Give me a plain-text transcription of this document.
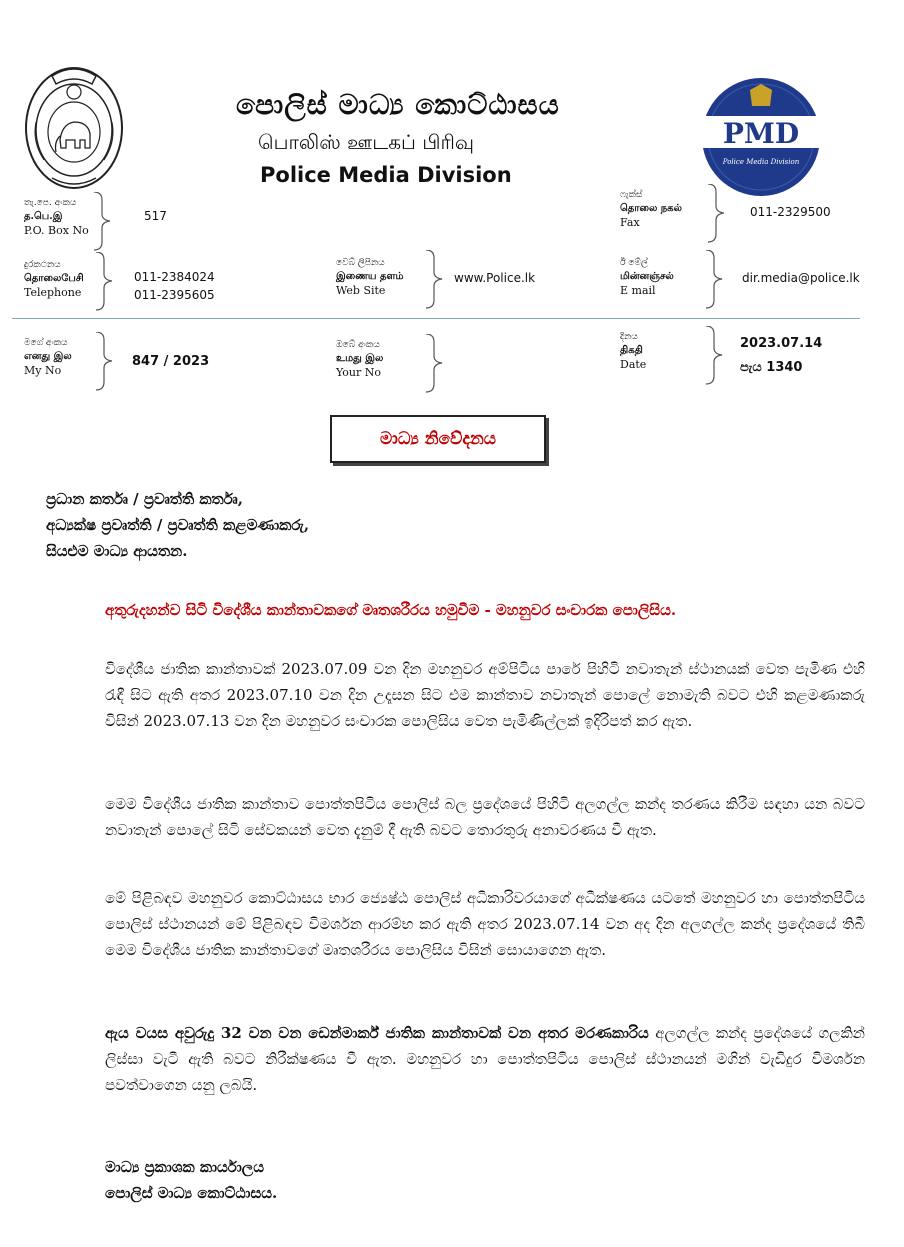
PMD
Police Media Division
පොලිස් මාධ්‍ය කොට්ඨාසය
பொலிஸ் ஊடகப் பிரிவு
Police Media Division
තැ.පෙ. අංකය
த.பெ.இ
P.O. Box No
517
ෆැක්ස්
தொலை நகல்
Fax
011-2329500
දුරකථනය
தொலைபேசி
Telephone
011-2384024
011-2395605
වෙබ් ලිපිනය
இணைய தளம்
Web Site
www.Police.lk
ඊ මේල්
மின்னஞ்சல்
E mail
dir.media@police.lk
මගේ අංකය
எனது இல
My No
847 / 2023
ඔබේ අංකය
உமது இல
Your No
දිනය
திகதி
Date
2023.07.14
පැය 1340
මාධ්‍ය නිවේදනය
ප්‍රධාන කර්තෘ / ප්‍රවෘත්ති කර්තෘ,
අධ්‍යක්ෂ ප්‍රවෘත්ති / ප්‍රවෘත්ති කළමණාකරු,
සියළුම මාධ්‍ය ආයතන.
අතුරුදහන්ව සිටි විදේශීය කාන්තාවකගේ මෘතශරීරය හමුවීම - මහනුවර සංචාරක පොලිසිය.
විදේශීය ජාතික කාන්තාවක් 2023.07.09 වන දින මහනුවර අම්පිටිය පාරේ පිහිටි නවාතැන් ස්ථානයක් වෙත පැමිණ එහි රැඳී සිට ඇති අතර 2023.07.10 වන දින උදෑසන සිට එම කාන්තාව නවාතැන් පොලේ නොමැති බවට එහි කළමණාකරු විසින් 2023.07.13 වන දින මහනුවර සංචාරක පොලිසිය වෙත පැමිණිල්ලක් ඉදිරිපත් කර ඇත.
මෙම විදේශීය ජාතික කාන්තාව පොත්තපිටිය පොලිස් බල ප්‍රදේශයේ පිහිටි අලගල්ල කන්ද තරණය කිරීම සඳහා යන බවට නවාතැන් පොලේ සිටි සේවකයන් වෙත දැනුම් දී ඇති බවට තොරතුරු අනාවරණය වී ඇත.
මේ පිළිබඳව මහනුවර කොට්ඨාසය භාර ජ්‍යෙෂ්ඨ පොලිස් අධිකාරිවරයාගේ අධීක්ෂණය යටතේ මහනුවර හා පොත්තපිටිය පොලිස් ස්ථානයන් මේ පිළිබඳව විමර්ශන ආරම්භ කර ඇති අතර 2023.07.14 වන අද දින අලගල්ල කන්ද ප්‍රදේශයේ තිබී මෙම විදේශීය ජාතික කාන්තාවගේ මෘතශරීරය පොලිසිය විසින් සොයාගෙන ඇත.
ඇය වයස අවුරුදු 32 වන වන ඩෙන්මාර්ක් ජාතික කාන්තාවක් වන අතර මරණකාරිය අලගල්ල කන්ද ප්‍රදේශයේ ගලකින් ලිස්සා වැටී ඇති බවට නිරීක්ෂණය වී ඇත. මහනුවර හා පොත්තපිටිය පොලිස් ස්ථානයන් මගින් වැඩිදුර විමර්ශන පවත්වාගෙන යනු ලබයි.
මාධ්‍ය ප්‍රකාශක කාර්යාලය
පොලිස් මාධ්‍ය කොට්ඨාසය.
